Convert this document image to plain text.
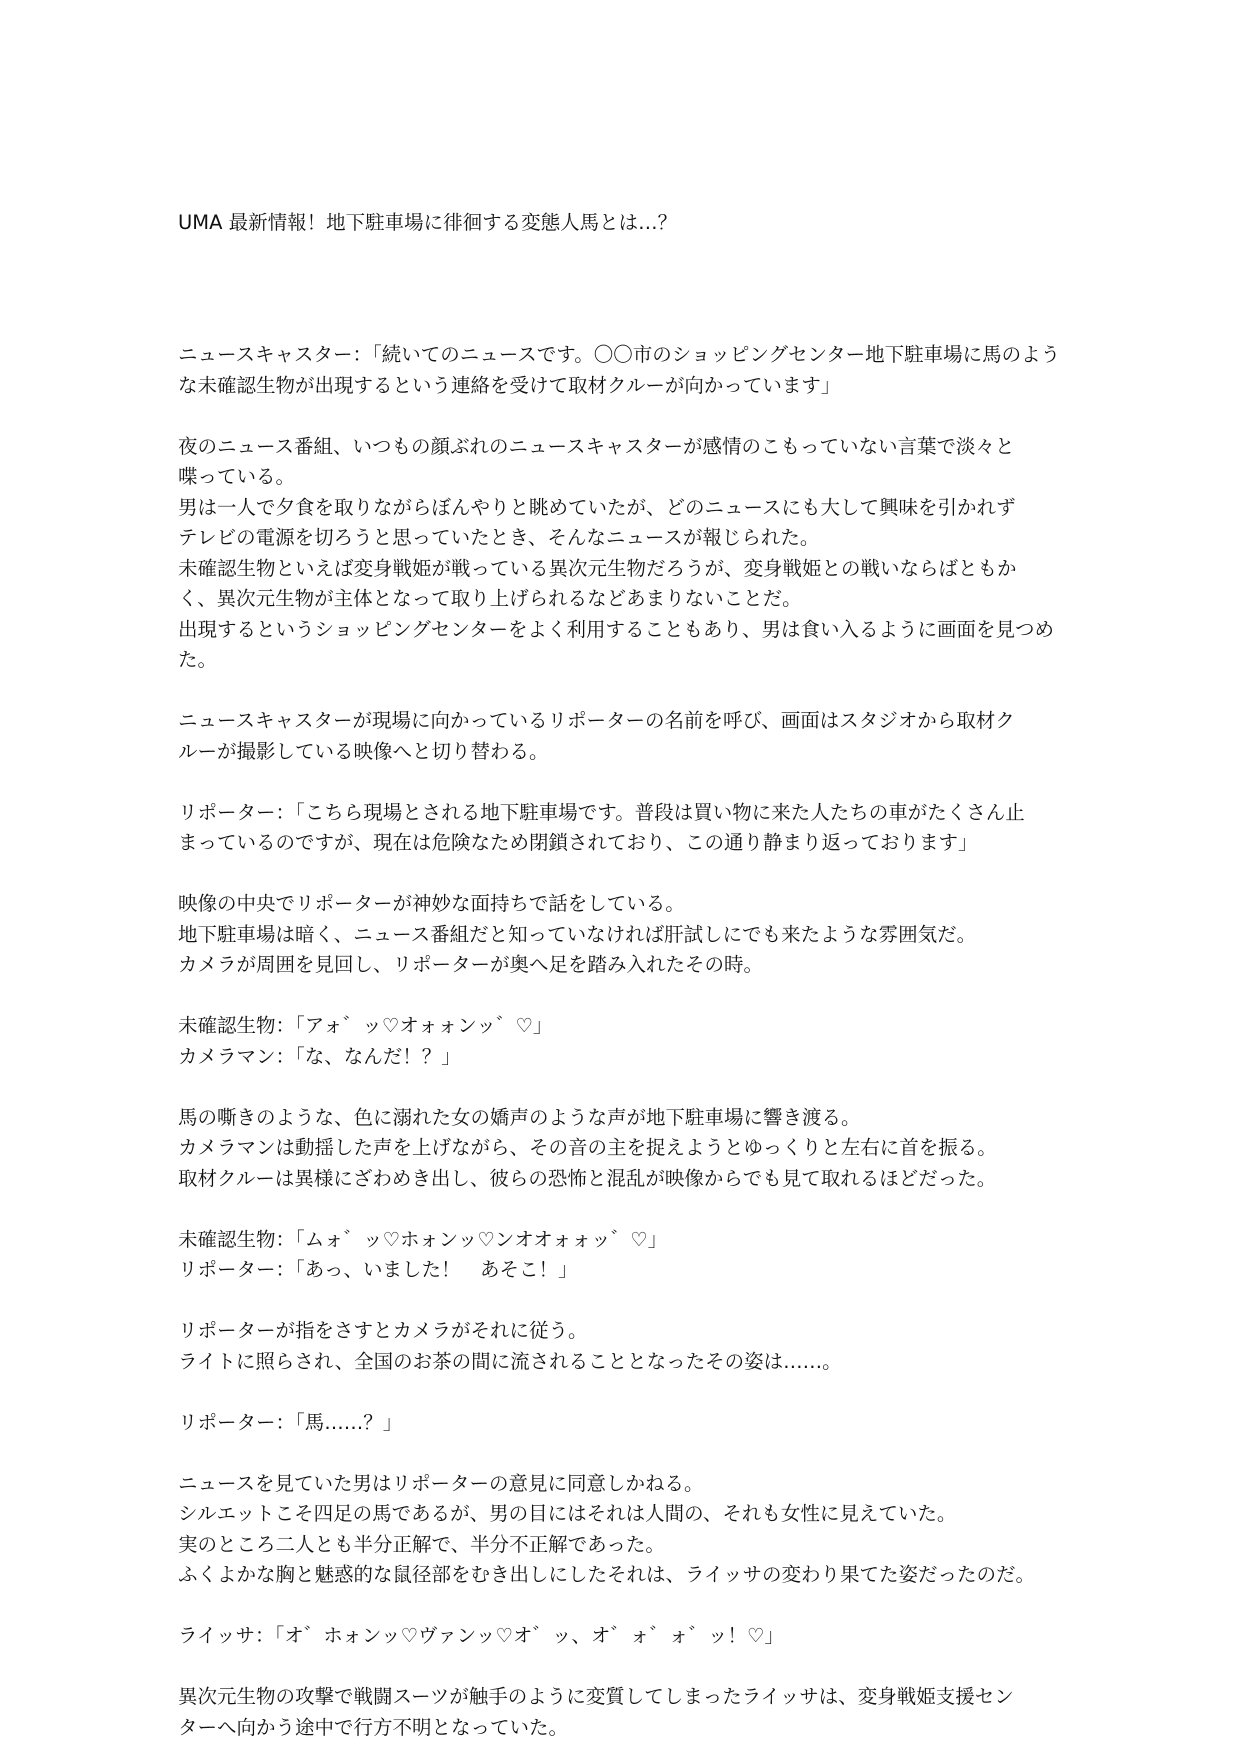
UMA 最新情報！地下駐車場に徘徊する変態人馬とは…？
ニュースキャスター：「続いてのニュースです。〇〇市のショッピングセンター地下駐車場に馬のよう
な未確認生物が出現するという連絡を受けて取材クルーが向かっています」
夜のニュース番組、いつもの顔ぶれのニュースキャスターが感情のこもっていない言葉で淡々と
喋っている。
男は一人で夕食を取りながらぼんやりと眺めていたが、どのニュースにも大して興味を引かれず
テレビの電源を切ろうと思っていたとき、そんなニュースが報じられた。
未確認生物といえば変身戦姫が戦っている異次元生物だろうが、変身戦姫との戦いならばともか
く、異次元生物が主体となって取り上げられるなどあまりないことだ。
出現するというショッピングセンターをよく利用することもあり、男は食い入るように画面を見つめ
た。
ニュースキャスターが現場に向かっているリポーターの名前を呼び、画面はスタジオから取材ク
ルーが撮影している映像へと切り替わる。
リポーター：「こちら現場とされる地下駐車場です。普段は買い物に来た人たちの車がたくさん止
まっているのですが、現在は危険なため閉鎖されており、この通り静まり返っております」
映像の中央でリポーターが神妙な面持ちで話をしている。
地下駐車場は暗く、ニュース番組だと知っていなければ肝試しにでも来たような雰囲気だ。
カメラが周囲を見回し、リポーターが奥へ足を踏み入れたその時。
未確認生物：「アォ゛ッ♡オォォンッ゛♡」
カメラマン：「な、なんだ！？」
馬の嘶きのような、色に溺れた女の嬌声のような声が地下駐車場に響き渡る。
カメラマンは動揺した声を上げながら、その音の主を捉えようとゆっくりと左右に首を振る。
取材クルーは異様にざわめき出し、彼らの恐怖と混乱が映像からでも見て取れるほどだった。
未確認生物：「ムォ゛ッ♡ホォンッ♡ンオオォォッ゛♡」
リポーター：「あっ、いました！　あそこ！」
リポーターが指をさすとカメラがそれに従う。
ライトに照らされ、全国のお茶の間に流されることとなったその姿は……。
リポーター：「馬……？」
ニュースを見ていた男はリポーターの意見に同意しかねる。
シルエットこそ四足の馬であるが、男の目にはそれは人間の、それも女性に見えていた。
実のところ二人とも半分正解で、半分不正解であった。
ふくよかな胸と魅惑的な鼠径部をむき出しにしたそれは、ライッサの変わり果てた姿だったのだ。
ライッサ：「オ゛ホォンッ♡ヴァンッ♡オ゛ッ、オ゛ォ゛ォ゛ッ！♡」
異次元生物の攻撃で戦闘スーツが触手のように変質してしまったライッサは、変身戦姫支援セン
ターへ向かう途中で行方不明となっていた。
